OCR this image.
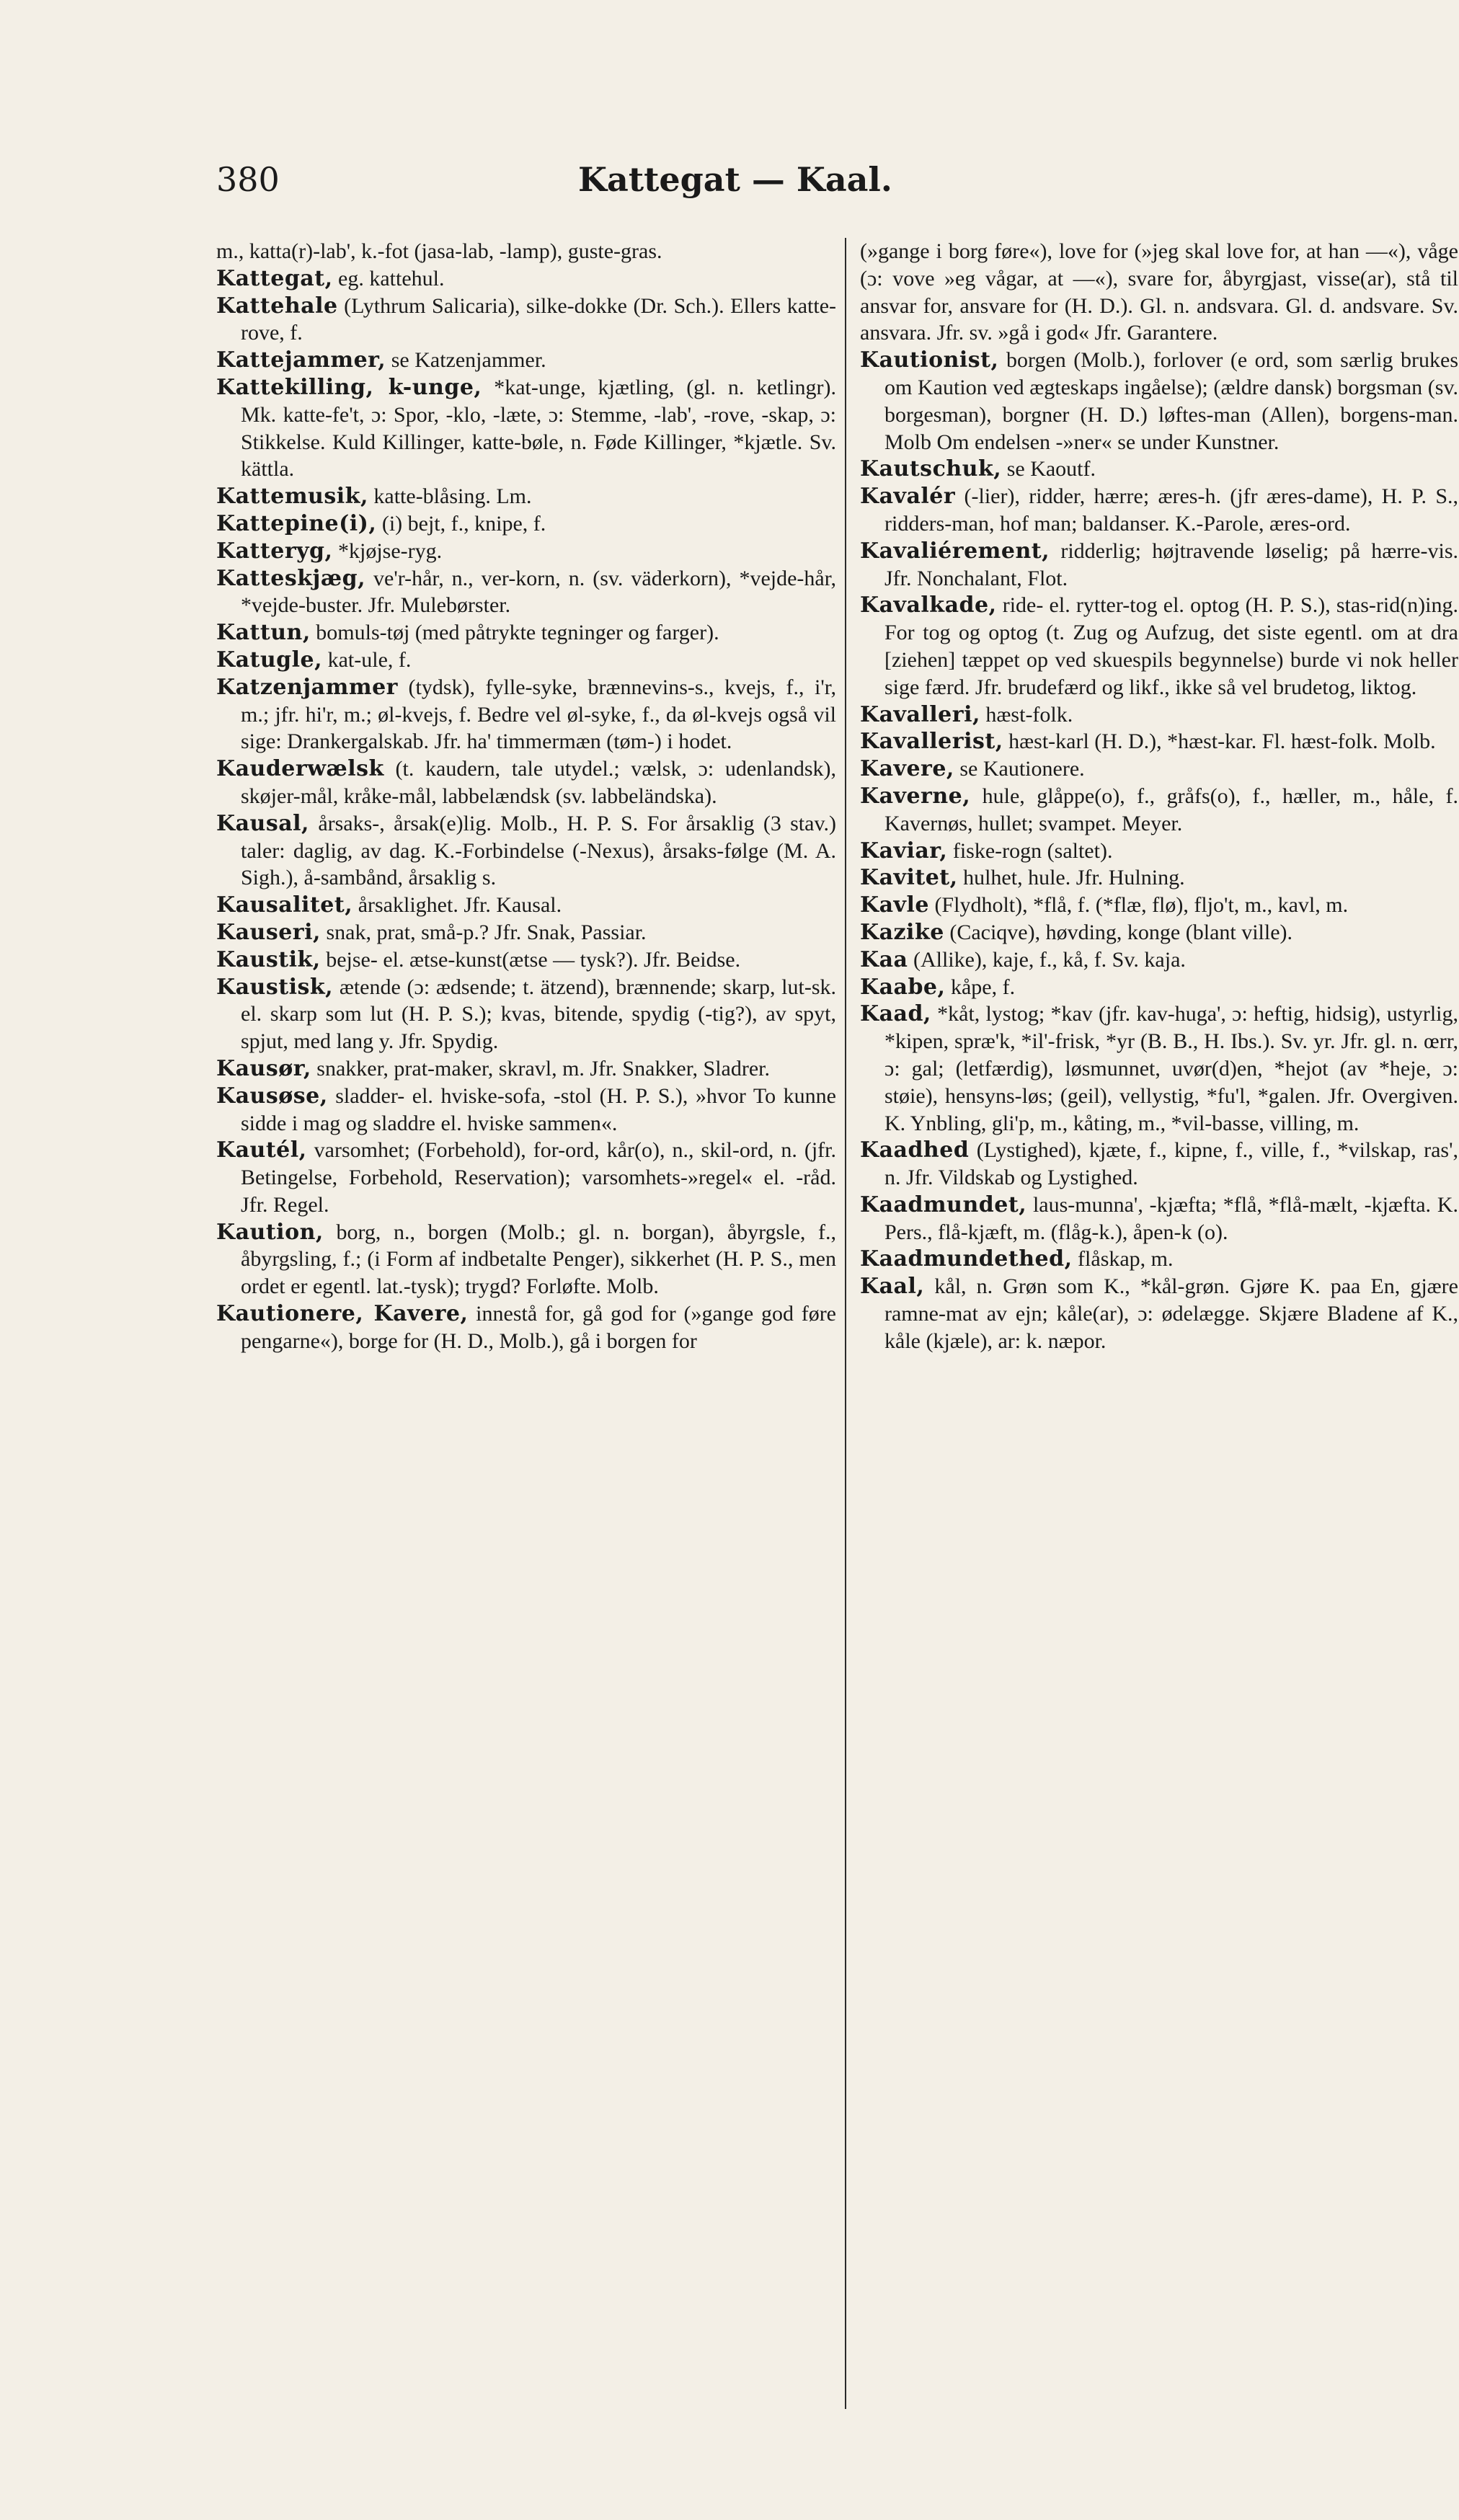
380	Kattegat — Kaal.

m., katta(r)-lab', k.-fot (jasa-lab, -lamp), guste-gras.

Kattegat, eg. kattehul.

Kattehale (Lythrum Salicaria), silke-dokke (Dr. Sch.). Ellers katte-rove, f.

Kattejammer, se Katzenjammer.

Kattekilling, k-unge, *kat-unge, kjætling, (gl. n. ketlingr). Mk. katte-fe't, ɔ: Spor, -klo, -læte, ɔ: Stemme, -lab', -rove, -skap, ɔ: Stikkelse. Kuld Killinger, katte-bøle, n. Føde Killinger, *kjætle. Sv. kättla.

Kattemusik, katte-blåsing. Lm.

Kattepine(i), (i) bejt, f., knipe, f.

Katteryg, *kjøjse-ryg.

Katteskjæg, ve'r-hår, n., ver-korn, n. (sv. väderkorn), *vejde-hår, *vejde-buster. Jfr. Mulebørster.

Kattun, bomuls-tøj (med påtrykte tegninger og farger).

Katugle, kat-ule, f.

Katzenjammer (tydsk), fylle-syke, brænnevins-s., kvejs, f., i'r, m.; jfr. hi'r, m.; øl-kvejs, f. Bedre vel øl-syke, f., da øl-kvejs også vil sige: Drankergalskab. Jfr. ha' timmermæn (tøm-) i hodet.

Kauderwælsk (t. kaudern, tale utydel.; vælsk, ɔ: udenlandsk), skøjer-mål, kråke-mål, labbelændsk (sv. labbeländska).

Kausal, årsaks-, årsak(e)lig. Molb., H. P. S. For årsaklig (3 stav.) taler: daglig, av dag. K.-Forbindelse (-Nexus), årsaks-følge (M. A. Sigh.), å-sambånd, årsaklig s.

Kausalitet, årsaklighet. Jfr. Kausal.

Kauseri, snak, prat, små-p.? Jfr. Snak, Passiar.

Kaustik, bejse- el. ætse-kunst(ætse — tysk?). Jfr. Beidse.

Kaustisk, ætende (ɔ: ædsende; t. ätzend), brænnende; skarp, lut-sk. el. skarp som lut (H. P. S.); kvas, bitende, spydig (-tig?), av spyt, spjut, med lang y. Jfr. Spydig.

Kausør, snakker, prat-maker, skravl, m. Jfr. Snakker, Sladrer.

Kausøse, sladder- el. hviske-sofa, -stol (H. P. S.), »hvor To kunne sidde i mag og sladdre el. hviske sammen«.

Kautél, varsomhet; (Forbehold), for-ord, kår(o), n., skil-ord, n. (jfr. Betingelse, Forbehold, Reservation); varsomhets-»regel« el. -råd. Jfr. Regel.

Kaution, borg, n., borgen (Molb.; gl. n. borgan), åbyrgsle, f., åbyrgsling, f.; (i Form af indbetalte Penger), sikkerhet (H. P. S., men ordet er egentl. lat.-tysk); trygd? Forløfte. Molb.

Kautionere, Kavere, innestå for, gå god for (»gange god føre pengarne«), borge for (H. D., Molb.), gå i borgen for

(»gange i borg føre«), love for (»jeg skal love for, at han —«), våge (ɔ: vove »eg vågar, at —«), svare for, åbyrgjast, visse(ar), stå til ansvar for, ansvare for (H. D.). Gl. n. andsvara. Gl. d. andsvare. Sv. ansvara. Jfr. sv. »gå i god« Jfr. Garantere.

Kautionist, borgen (Molb.), forlover (e ord, som særlig brukes om Kaution ved ægteskaps ingåelse); (ældre dansk) borgsman (sv. borgesman), borgner (H. D.) løftes-man (Allen), borgens-man. Molb Om endelsen -»ner« se under Kunstner.

Kautschuk, se Kaoutf.

Kavalér (-lier), ridder, hærre; æres-h. (jfr æres-dame), H. P. S., ridders-man, hof man; baldanser. K.-Parole, æres-ord.

Kavaliérement, ridderlig; højtravende løselig; på hærre-vis. Jfr. Nonchalant, Flot.

Kavalkade, ride- el. rytter-tog el. optog (H. P. S.), stas-rid(n)ing. For tog og optog (t. Zug og Aufzug, det siste egentl. om at dra [ziehen] tæppet op ved skuespils begynnelse) burde vi nok heller sige færd. Jfr. brudefærd og likf., ikke så vel brudetog, liktog.

Kavalleri, hæst-folk.

Kavallerist, hæst-karl (H. D.), *hæst-kar. Fl. hæst-folk. Molb.

Kavere, se Kautionere.

Kaverne, hule, glåppe(o), f., gråfs(o), f., hæller, m., håle, f. Kavernøs, hullet; svampet. Meyer.

Kaviar, fiske-rogn (saltet).

Kavitet, hulhet, hule. Jfr. Hulning.

Kavle (Flydholt), *flå, f. (*flæ, flø), fljo't, m., kavl, m.

Kazike (Caciqve), høvding, konge (blant ville).

Kaa (Allike), kaje, f., kå, f. Sv. kaja.

Kaabe, kåpe, f.

Kaad, *kåt, lystog; *kav (jfr. kav-huga', ɔ: heftig, hidsig), ustyrlig, *kipen, spræ'k, *il'-frisk, *yr (B. B., H. Ibs.). Sv. yr. Jfr. gl. n. œrr, ɔ: gal; (letfærdig), løsmunnet, uvør(d)en, *hejot (av *heje, ɔ: støie), hensyns-løs; (geil), vellystig, *fu'l, *galen. Jfr. Overgiven. K. Ynbling, gli'p, m., kåting, m., *vil-basse, villing, m.

Kaadhed (Lystighed), kjæte, f., kipne, f., ville, f., *vilskap, ras', n. Jfr. Vildskab og Lystighed.

Kaadmundet, laus-munna', -kjæfta; *flå, *flå-mælt, -kjæfta. K. Pers., flå-kjæft, m. (flåg-k.), åpen-k (o).

Kaadmundethed, flåskap, m.

Kaal, kål, n. Grøn som K., *kål-grøn. Gjøre K. paa En, gjære ramne-mat av ejn; kåle(ar), ɔ: ødelægge. Skjære Bladene af K., kåle (kjæle), ar: k. næpor.
